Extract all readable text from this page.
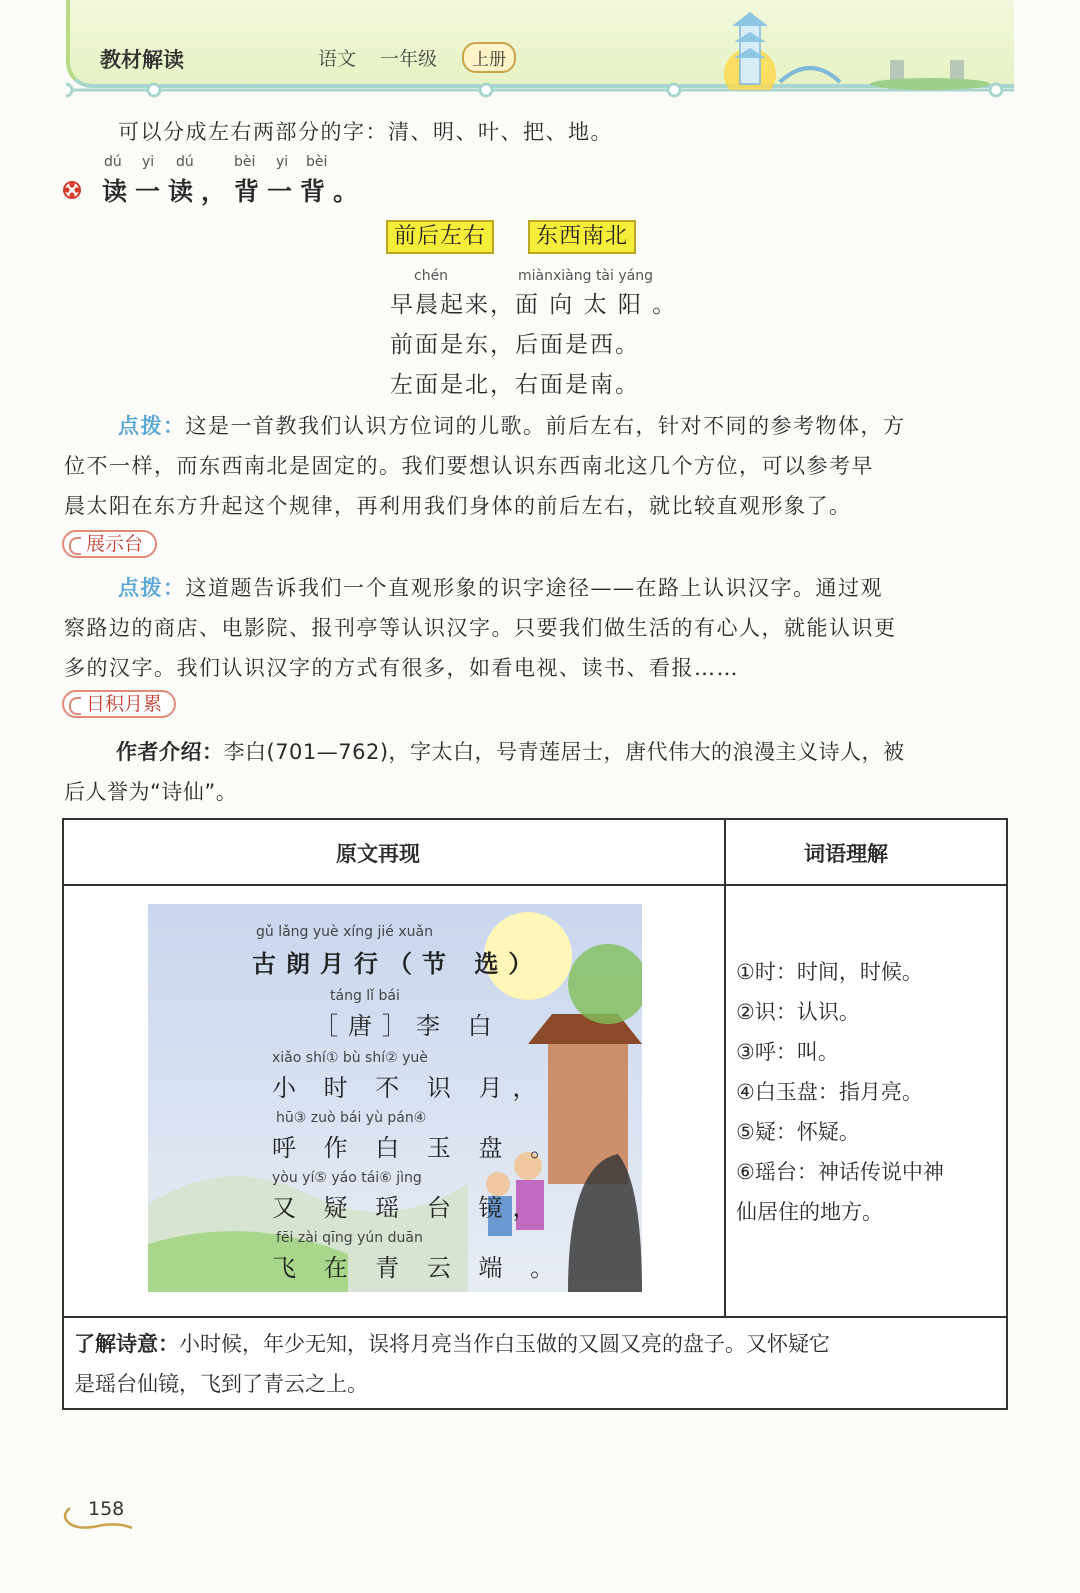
教材解读	语文 一年级	上册
可以分成左右两部分的字：清、明、叶、把、地。
dú yi dú	bèi yi bèi
读一读，背一背。
前后左右	东西南北
chén	miànxiàng tài yáng
早晨起来，面 向 太 阳 。
前面是东，后面是西。
左面是北，右面是南。
点拨：这是一首教我们认识方位词的儿歌。前后左右，针对不同的参考物体，方
位不一样，而东西南北是固定的。我们要想认识东西南北这几个方位，可以参考早
晨太阳在东方升起这个规律，再利用我们身体的前后左右，就比较直观形象了。
展示台
点拨：这道题告诉我们一个直观形象的识字途径——在路上认识汉字。通过观
察路边的商店、电影院、报刊亭等认识汉字。只要我们做生活的有心人，就能认识更
多的汉字。我们认识汉字的方式有很多，如看电视、读书、看报……
日积月累
作者介绍：李白(701—762)，字太白，号青莲居士，唐代伟大的浪漫主义诗人，被
后人誉为“诗仙”。
原文再现	词语理解
gǔ lǎng yuè xíng jié xuǎn
古朗月行（节 选）
táng lǐ bái
［唐］李 白
xiǎo shí① bù shí② yuè
小 时 不 识 月，
hū③ zuò bái yù pán④
呼 作 白 玉 盘 。
yòu yí⑤ yáo tái⑥ jìng
又 疑 瑶 台 镜，
fēi zài qīng yún duān
飞 在 青 云 端 。
①时：时间，时候。
②识：认识。
③呼：叫。
④白玉盘：指月亮。
⑤疑：怀疑。
⑥瑶台：神话传说中神
仙居住的地方。
了解诗意：小时候，年少无知，误将月亮当作白玉做的又圆又亮的盘子。又怀疑它
是瑶台仙镜，飞到了青云之上。
158
